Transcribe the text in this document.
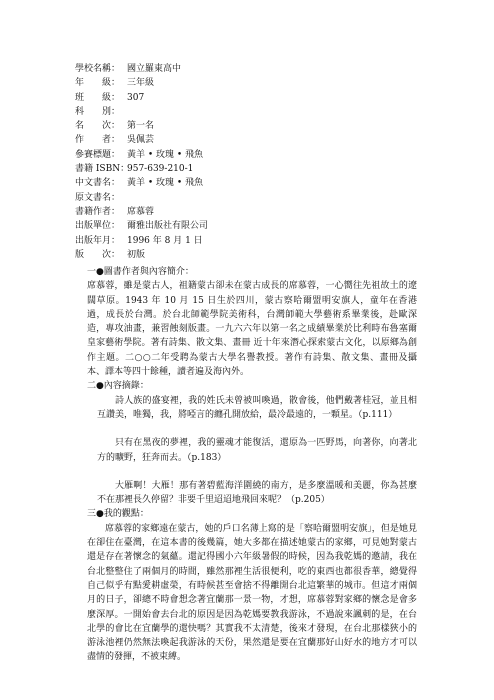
學校名稱： 國立羅東高中
年　　級： 三年級
班　　級： 307
科　　別：
名　　次： 第一名
作　　者： 吳佩芸
參賽標題： 黃羊 • 玫瑰 • 飛魚
書籍 ISBN：
957-639-210-1
中文書名： 黃羊 • 玫瑰 • 飛魚
原文書名：
書籍作者： 席慕蓉
出版單位： 爾雅出版社有限公司
出版年月： 1996 年 8 月 1 日
版　　次： 初版

一●圖書作者與內容簡介：

席慕蓉，雖是蒙古人，祖籍蒙古卻未在蒙古成長的席慕蓉，一心嚮往先祖故土的遼闊草原。1943 年 10 月 15 日生於四川，蒙古察哈爾盟明安旗人，童年在香港過，成長於台灣。於台北師範學院美術科，台灣師範大學藝術系畢業後，赴歐深造，專攻油畫，兼習蝕刻版畫。一九六六年以第一名之成績畢業於比利時布魯塞爾皇家藝術學院。著有詩集、散文集、畫冊 近十年來潛心探索蒙古文化，以原鄉為創作主題。二○○二年受聘為蒙古大學名譽教授。著作有詩集、散文集、畫冊及攝本、譯本等四十餘種，讀者遍及海內外。

二●內容摘錄：

詩人族的盛宴裡，我的姓氏未曾被叫喚過，散會後，他們戴著桂冠，並且相互讚美，唯獨，我，將啞言的纏孔開放給，最冷最遠的，一顆星。（p.111）

只有在黑夜的夢裡，我的靈魂才能復活，還原為一匹野馬，向著你，向著北方的曠野，狂奔而去。（p.183）

大雁啊！大雁！那有著碧藍海洋圍繞的南方，是多麼溫暖和美麗，你為甚麼不在那裡長久停留？非要千里迢迢地飛回來呢？（p.205）

三●我的觀點：

席慕蓉的家鄉遠在蒙古，她的戶口名薄上寫的是「察哈爾盟明安旗」，但是她見在卻住在臺灣，在這本書的後幾篇，她大多都在描述她蒙古的家鄉，可見她對蒙古還是存在著懷念的氣蘊。還記得國小六年級暑假的時候，因為我乾媽的邀請，我在台北整整住了兩個月的時間，雖然那裡生活很便利，吃的東西也都很香華，總覺得自己似乎有點愛耕虛榮，有時候甚至會捨不得離開台北這繁華的城市。但這才兩個月的日子，卻總不時會想念著宜蘭那一景一物，才想，席慕蓉對家鄉的懷念是會多麼深厚。一開始會去台北的原因是因為乾媽要教我游泳，不過說來諷刺的是，在台北學的會比在宜蘭學的還快嗎？其實我不太清楚，後來才發現，在台北那樣狹小的游泳池裡仍然無法喚起我游泳的天份，果然還是要在宜蘭那好山好水的地方才可以盡情的發揮，不被束縛。
